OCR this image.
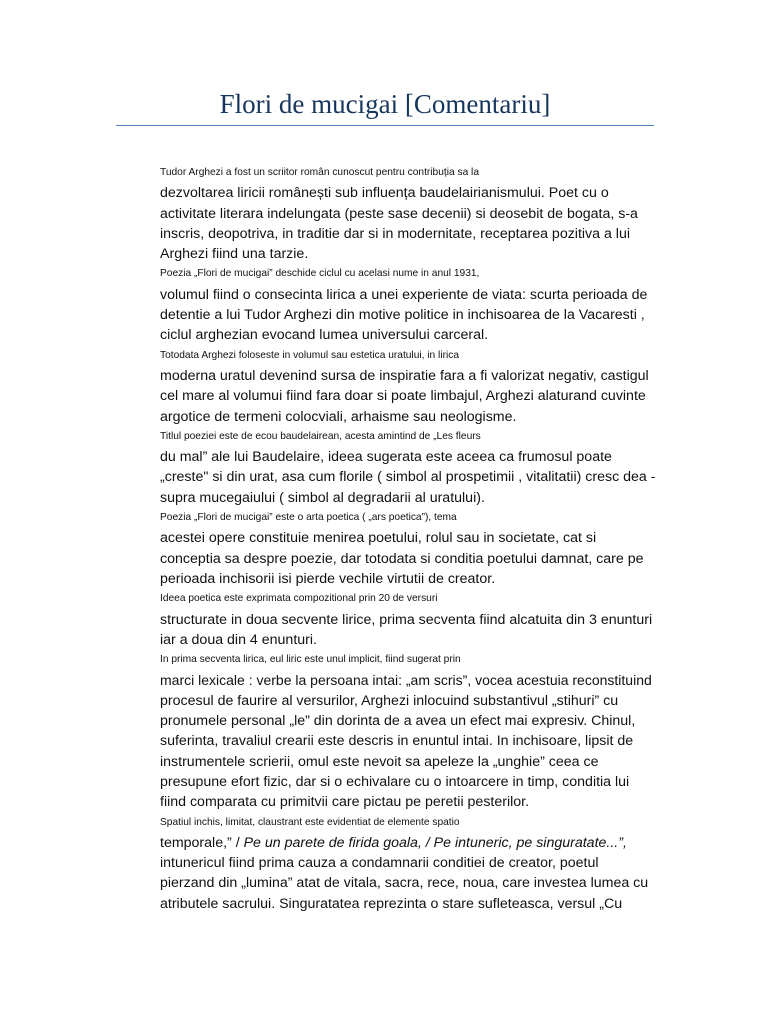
Flori de mucigai [Comentariu]

Tudor Arghezi a fost un scriitor român cunoscut pentru contribuția sa la
dezvoltarea liricii românești sub influența baudelairianismului. Poet cu o
activitate literara indelungata (peste sase decenii) si deosebit de bogata, s-a
inscris, deopotriva, in traditie dar si in modernitate, receptarea pozitiva a lui
Arghezi fiind una tarzie.

Poezia „Flori de mucigai” deschide ciclul cu acelasi nume in anul 1931,
volumul fiind o consecinta lirica a unei experiente de viata: scurta perioada de
detentie a lui Tudor Arghezi din motive politice in inchisoarea de la Vacaresti ,
ciclul arghezian evocand lumea universului carceral.

Totodata Arghezi foloseste in volumul sau estetica uratului, in lirica
moderna uratul devenind sursa de inspiratie fara a fi valorizat negativ, castigul
cel mare al volumui fiind fara doar si poate limbajul, Arghezi alaturand cuvinte
argotice de termeni colocviali, arhaisme sau neologisme.

Titlul poeziei este de ecou baudelairean, acesta amintind de „Les fleurs
du mal” ale lui Baudelaire, ideea sugerata este aceea ca frumosul poate
„creste" si din urat, asa cum florile ( simbol al prospetimii , vitalitatii) cresc dea -
supra mucegaiului ( simbol al degradarii al uratului).

Poezia „Flori de mucigai” este o arta poetica ( „ars poetica”), tema
acestei opere constituie menirea poetului, rolul sau in societate, cat si
conceptia sa despre poezie, dar totodata si conditia poetului damnat, care pe
perioada inchisorii isi pierde vechile virtutii de creator.

Ideea poetica este exprimata compozitional prin 20 de versuri
structurate in doua secvente lirice, prima secventa fiind alcatuita din 3 enunturi
iar a doua din 4 enunturi.

In prima secventa lirica, eul liric este unul implicit, fiind sugerat prin
marci lexicale : verbe la persoana intai: „am scris”, vocea acestuia reconstituind
procesul de faurire al versurilor, Arghezi inlocuind substantivul „stihuri” cu
pronumele personal „le” din dorinta de a avea un efect mai expresiv. Chinul,
suferinta, travaliul crearii este descris in enuntul intai. In inchisoare, lipsit de
instrumentele scrierii, omul este nevoit sa apeleze la „unghie” ceea ce
presupune efort fizic, dar si o echivalare cu o intoarcere in timp, conditia lui
fiind comparata cu primitvii care pictau pe peretii pesterilor.

Spatiul inchis, limitat, claustrant este evidentiat de elemente spatio
temporale,” / Pe un parete de firida goala, / Pe intuneric, pe singuratate...”,
intunericul fiind prima cauza a condamnarii conditiei de creator, poetul
pierzand din „lumina” atat de vitala, sacra, rece, noua, care investea lumea cu
atributele sacrului. Singuratatea reprezinta o stare sufleteasca, versul „Cu
